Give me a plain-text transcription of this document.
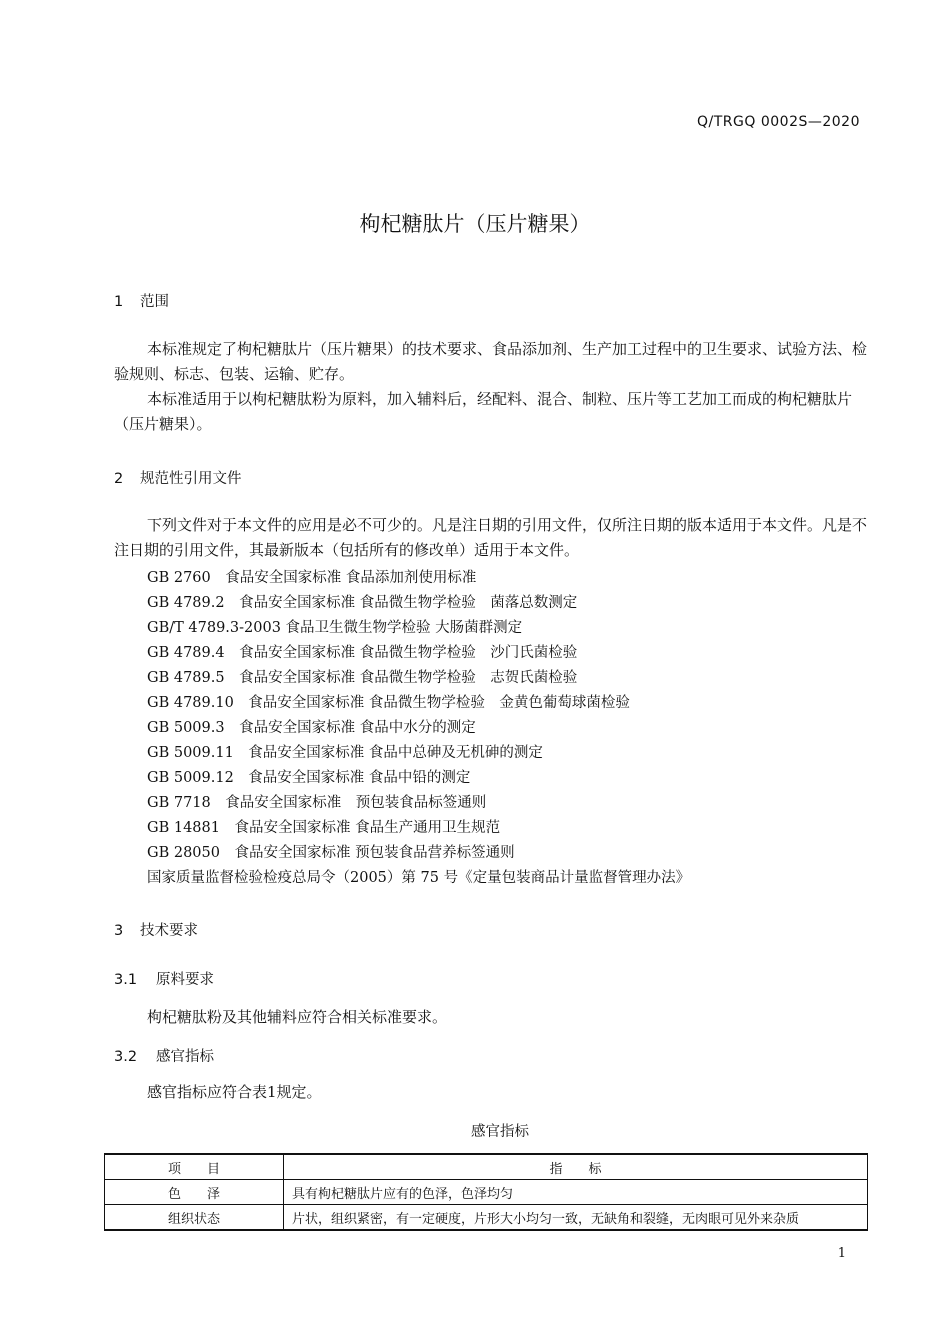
Q/TRGQ 0002S—2020
枸杞糖肽片（压片糖果）
1 范围
本标准规定了枸杞糖肽片（压片糖果）的技术要求、食品添加剂、生产加工过程中的卫生要求、试验方法、检验规则、标志、包装、运输、贮存。
本标准适用于以枸杞糖肽粉为原料，加入辅料后，经配料、混合、制粒、压片等工艺加工而成的枸杞糖肽片（压片糖果）。
2 规范性引用文件
下列文件对于本文件的应用是必不可少的。凡是注日期的引用文件，仅所注日期的版本适用于本文件。凡是不注日期的引用文件，其最新版本（包括所有的修改单）适用于本文件。
GB 2760　食品安全国家标准 食品添加剂使用标准
GB 4789.2　食品安全国家标准 食品微生物学检验　菌落总数测定
GB/T 4789.3-2003 食品卫生微生物学检验 大肠菌群测定
GB 4789.4　食品安全国家标准 食品微生物学检验　沙门氏菌检验
GB 4789.5　食品安全国家标准 食品微生物学检验　志贺氏菌检验
GB 4789.10　食品安全国家标准 食品微生物学检验　金黄色葡萄球菌检验
GB 5009.3　食品安全国家标准 食品中水分的测定
GB 5009.11　食品安全国家标准 食品中总砷及无机砷的测定
GB 5009.12　食品安全国家标准 食品中铅的测定
GB 7718　食品安全国家标准　预包装食品标签通则
GB 14881　食品安全国家标准 食品生产通用卫生规范
GB 28050　食品安全国家标准 预包装食品营养标签通则
国家质量监督检验检疫总局令（2005）第 75 号《定量包装商品计量监督管理办法》
3 技术要求
3.1 原料要求
枸杞糖肽粉及其他辅料应符合相关标准要求。
3.2 感官指标
感官指标应符合表1规定。
感官指标
项　　目	指　　标
色　　泽	具有枸杞糖肽片应有的色泽，色泽均匀
组织状态	片状，组织紧密，有一定硬度，片形大小均匀一致，无缺角和裂缝，无肉眼可见外来杂质
1
